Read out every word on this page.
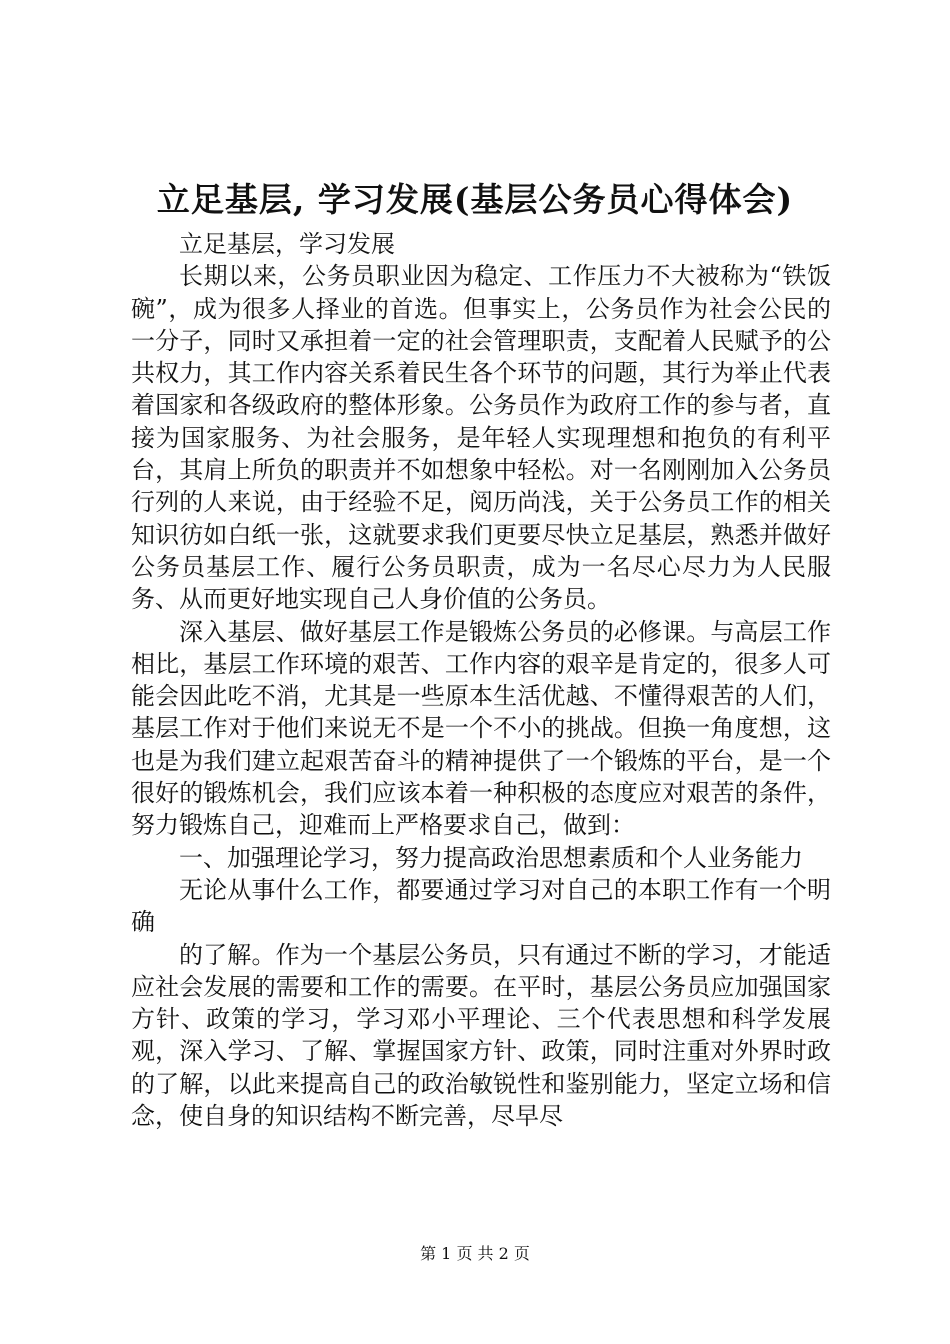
立足基层, 学习发展(基层公务员心得体会)

立足基层，学习发展

长期以来，公务员职业因为稳定、工作压力不大被称为“铁饭碗”，成为很多人择业的首选。但事实上，公务员作为社会公民的一分子，同时又承担着一定的社会管理职责，支配着人民赋予的公共权力，其工作内容关系着民生各个环节的问题，其行为举止代表着国家和各级政府的整体形象。公务员作为政府工作的参与者，直接为国家服务、为社会服务，是年轻人实现理想和抱负的有利平台，其肩上所负的职责并不如想象中轻松。对一名刚刚加入公务员行列的人来说，由于经验不足，阅历尚浅，关于公务员工作的相关知识彷如白纸一张，这就要求我们更要尽快立足基层，熟悉并做好公务员基层工作、履行公务员职责，成为一名尽心尽力为人民服务、从而更好地实现自己人身价值的公务员。

深入基层、做好基层工作是锻炼公务员的必修课。与高层工作相比，基层工作环境的艰苦、工作内容的艰辛是肯定的，很多人可能会因此吃不消，尤其是一些原本生活优越、不懂得艰苦的人们，基层工作对于他们来说无不是一个不小的挑战。但换一角度想，这也是为我们建立起艰苦奋斗的精神提供了一个锻炼的平台，是一个很好的锻炼机会，我们应该本着一种积极的态度应对艰苦的条件，努力锻炼自己，迎难而上严格要求自己，做到：

一、加强理论学习，努力提高政治思想素质和个人业务能力

无论从事什么工作，都要通过学习对自己的本职工作有一个明确

的了解。作为一个基层公务员，只有通过不断的学习，才能适应社会发展的需要和工作的需要。在平时，基层公务员应加强国家方针、政策的学习，学习邓小平理论、三个代表思想和科学发展观，深入学习、了解、掌握国家方针、政策，同时注重对外界时政的了解，以此来提高自己的政治敏锐性和鉴别能力，坚定立场和信念，使自身的知识结构不断完善，尽早尽

第 1 页 共 2 页
